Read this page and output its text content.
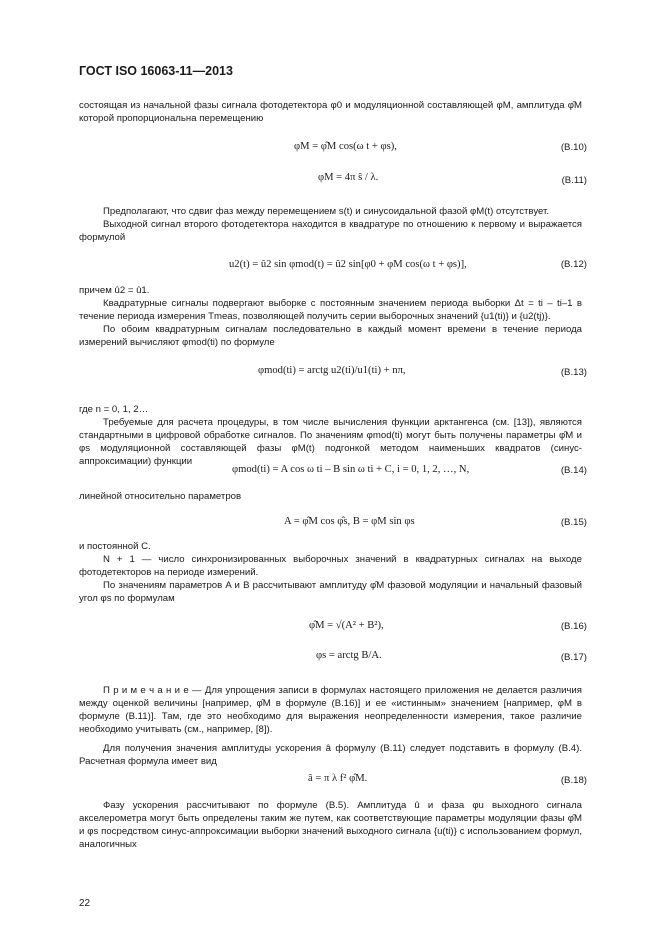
ГОСТ ISO 16063-11—2013
состоящая из начальной фазы сигнала фотодетектора φ0 и модуляционной составляющей φM, амплитуда φ̂M которой пропорциональна перемещению
φM = φ̂M cos(ω t + φs),	(B.10)
φM = 4π ŝ / λ.	(B.11)
Предполагают, что сдвиг фаз между перемещением s(t) и синусоидальной фазой φM(t) отсутствует.
Выходной сигнал второго фотодетектора находится в квадратуре по отношению к первому и выражается формулой
u2(t) = û2 sin φmod(t) = û2 sin[φ0 + φM cos(ω t + φs)],	(B.12)
причем û2 = û1.
Квадратурные сигналы подвергают выборке с постоянным значением периода выборки Δt = ti – ti–1 в течение периода измерения Tmeas, позволяющей получить серии выборочных значений {u1(ti)} и {u2(tj)}.
По обоим квадратурным сигналам последовательно в каждый момент времени в течение периода измерений вычисляют φmod(ti) по формуле
φmod(ti) = arctg u2(ti)/u1(ti) + nπ,	(B.13)
где n = 0, 1, 2…
Требуемые для расчета процедуры, в том числе вычисления функции арктангенса (см. [13]), являются стандартными в цифровой обработке сигналов. По значениям φmod(ti) могут быть получены параметры φ̂M и φs модуляционной составляющей фазы φM(t) подгонкой методом наименьших квадратов (синус-аппроксимации) функции
φmod(ti) = A cos ω ti – B sin ω ti + C, i = 0, 1, 2, …, N,	(B.14)
линейной относительно параметров
A = φ̂M cos φ̂s, B = φM sin φs	(B.15)
и постоянной C.
N + 1 — число синхронизированных выборочных значений в квадратурных сигналах на выходе фотодетекторов на периоде измерений.
По значениям параметров A и B рассчитывают амплитуду φ̂M фазовой модуляции и начальный фазовый угол φs по формулам
φ̂M = √(A² + B²),	(B.16)
φs = arctg B/A.	(B.17)
П р и м е ч а н и е — Для упрощения записи в формулах настоящего приложения не делается различия между оценкой величины [например, φ̂M в формуле (B.16)] и ее «истинным» значением [например, φM в формуле (B.11)]. Там, где это необходимо для выражения неопределенности измерения, такое различие необходимо учитывать (см., например, [8]).
Для получения значения амплитуды ускорения â формулу (B.11) следует подставить в формулу (B.4). Расчетная формула имеет вид
â = π λ f² φ̂M.	(B.18)
Фазу ускорения рассчитывают по формуле (B.5). Амплитуда û и фаза φu выходного сигнала акселерометра могут быть определены таким же путем, как соответствующие параметры модуляции фазы φ̂M и φs посредством синус-аппроксимации выборки значений выходного сигнала {u(ti)} с использованием формул, аналогичных
22
